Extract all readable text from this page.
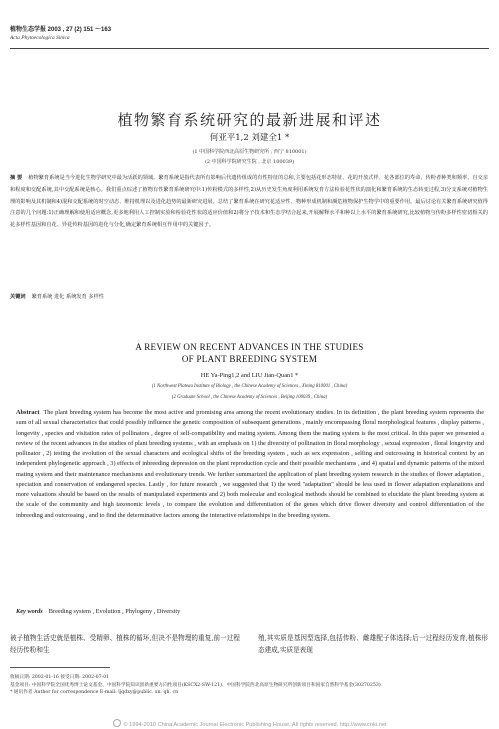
植物生态学报 2003 , 27 (2) 151 ～163
Acta Phytoecologica Sinica
植物繁育系统研究的最新进展和评述
何亚平1,2 刘建全1 *
(1 中国科学院西北高原生物研究所 , 西宁 810001)
(2 中国科学院研究生院 , 北京 100039)
摘 要 植物繁育系统是当今进化生物学研究中最为活跃的领域。繁育系统是指代表所有影响后代遗传组成的有性特征的总和,主要包括花形态特征、花的开放式样、花各部位的寿命、传粉者种类和频率、自交亲和程度和交配系统,其中交配系统是核心。我们重点综述了植物有性繁育系统研究中:1)传粉模式的多样性,2)从历史发生角度利用系统发育方法检验花性状的演化和繁育系统的生态转变过程,3)分支系统对植物生理的影响及其机制和4)混和交配系统的时空动态、维持机理以及进化趋势的最新研究进展。总结了繁育系统在研究花适应性、物种形成机制和濒危植物保护生物学中的重要作用。最后讨论有关繁育系统研究值得注意的几个问题:1)正确理解和使用适应概念,更多地利用人工控制实验和检验花性状的适应价值和2)将分子技术和生态学结合起来,开展解释水平和种以上水平的繁育系统研究,比较植物与传粉多样性密切相关的花多样性基因和自花、异花传粉基因的进化与分化,确定繁育系统相互作用中的关键因子。
关键词 繁育系统 进化 系统发育 多样性
A REVIEW ON RECENT ADVANCES IN THE STUDIES
OF PLANT BREEDING SYSTEM
HE Ya-Ping1,2 and LIU Jian-Quan1 *
(1 Northwest Plateau Institute of Biology , the Chinese Academy of Sciences , Xining 810001 , China)
(2 Graduate School , the Chinese Academy of Sciences , Beijing 100039 , China)
Abstract The plant breeding system has become the most active and promising area among the recent evolutionary studies. In its definition , the plant breeding system represents the sum of all sexual characteristics that could possibly influence the genetic composition of subsequent generations , mainly encompassing floral morphological features , display patterns , longevity , species and visitation rates of pollinators , degree of self-compatibility and mating system. Among them the mating system is the most critical. In this paper we presented a review of the recent advances in the studies of plant breeding systems , with an emphasis on 1) the diversity of pollination in floral morphology , sexual expression , floral longevity and pollinator , 2) testing the evolution of the sexual characters and ecological shifts of the breeding system , such as sex expression , selfing and outcrossing in historical context by an independent phylogenetic approach , 3) effects of inbreeding depression on the plant reproduction cycle and their possible mechanisms , and 4) spatial and dynamic patterns of the mixed mating system and their maintenance mechanisms and evolutionary trends. We further summarized the application of plant breeding system research in the studies of flower adaptation , speciation and conservation of endangered species. Lastly , for future research , we suggested that 1) the word "adaptation" should be less used in flower adaptation explanations and more valuations should be based on the results of manipulated experiments and 2) both molecular and ecological methods should be combined to elucidate the plant breeding system at the scale of the community and high taxonomic levels , to compare the evolution and differentiation of the genes which drive flower diversity and control differentiation of the inbreeding and outcrossing , and to find the determinative factors among the interactive relationships in the breeding system.
Key words Breeding system , Evolution , Phylogeny , Diversity
被子植物生活史就是植株、受精卵、植株的循环,但决不是物理的重复,前一过程经历传粉和生
殖,其实质是基因型选择,包括传粉、雌雄配子体选择;后一过程经历发育,植株形态建成,实质是表现
收稿日期: 2002-01-16 接受日期: 2002-07-01
基金项目: 中国科学院全国优秀博士论文基金、中国科学院知识创新重要方向性项目(KSCX2-SW-121)、中国科学院西北高原生物研究所创新项目和国家自然科学基金(30270253)
* 通讯作者 Author for correspondence E-mail: ljqdxy@public. xn. qh. cn
© 1994-2010 China Academic Journal Electronic Publishing House. All rights reserved. http://www.cnki.net
